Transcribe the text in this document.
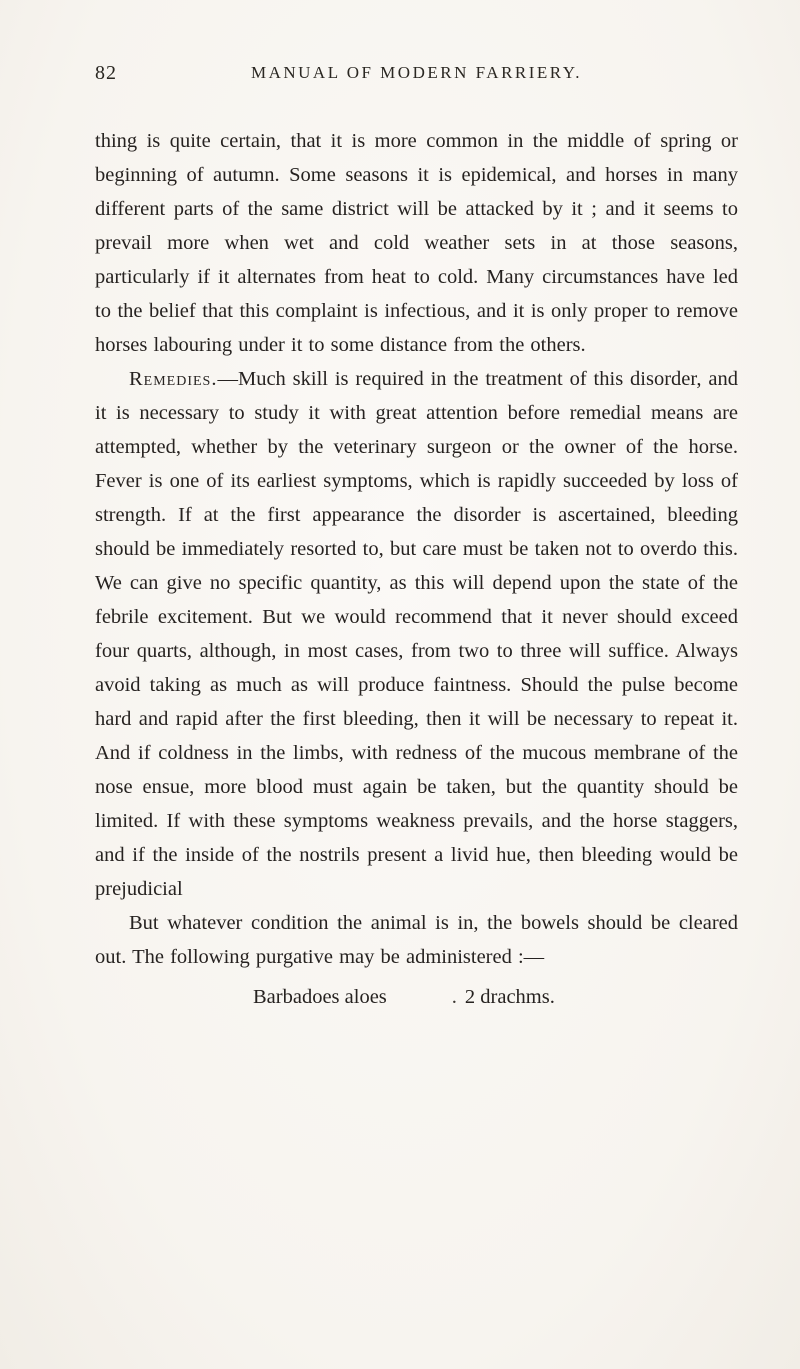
82	MANUAL OF MODERN FARRIERY.

thing is quite certain, that it is more common in the middle of spring or beginning of autumn. Some seasons it is epidemical, and horses in many different parts of the same district will be attacked by it ; and it seems to prevail more when wet and cold weather sets in at those seasons, particularly if it alternates from heat to cold. Many circumstances have led to the belief that this complaint is infectious, and it is only proper to remove horses labouring under it to some distance from the others.

Remedies.—Much skill is required in the treatment of this disorder, and it is necessary to study it with great attention before remedial means are attempted, whether by the veterinary surgeon or the owner of the horse. Fever is one of its earliest symptoms, which is rapidly succeeded by loss of strength. If at the first appearance the disorder is ascertained, bleeding should be immediately resorted to, but care must be taken not to overdo this. We can give no specific quantity, as this will depend upon the state of the febrile excitement. But we would recommend that it never should exceed four quarts, although, in most cases, from two to three will suffice. Always avoid taking as much as will produce faintness. Should the pulse become hard and rapid after the first bleeding, then it will be necessary to repeat it. And if coldness in the limbs, with redness of the mucous membrane of the nose ensue, more blood must again be taken, but the quantity should be limited. If with these symptoms weakness prevails, and the horse staggers, and if the inside of the nostrils present a livid hue, then bleeding would be prejudicial

But whatever condition the animal is in, the bowels should be cleared out. The following purgative may be administered :—

Barbadoes aloes	. 2 drachms.
